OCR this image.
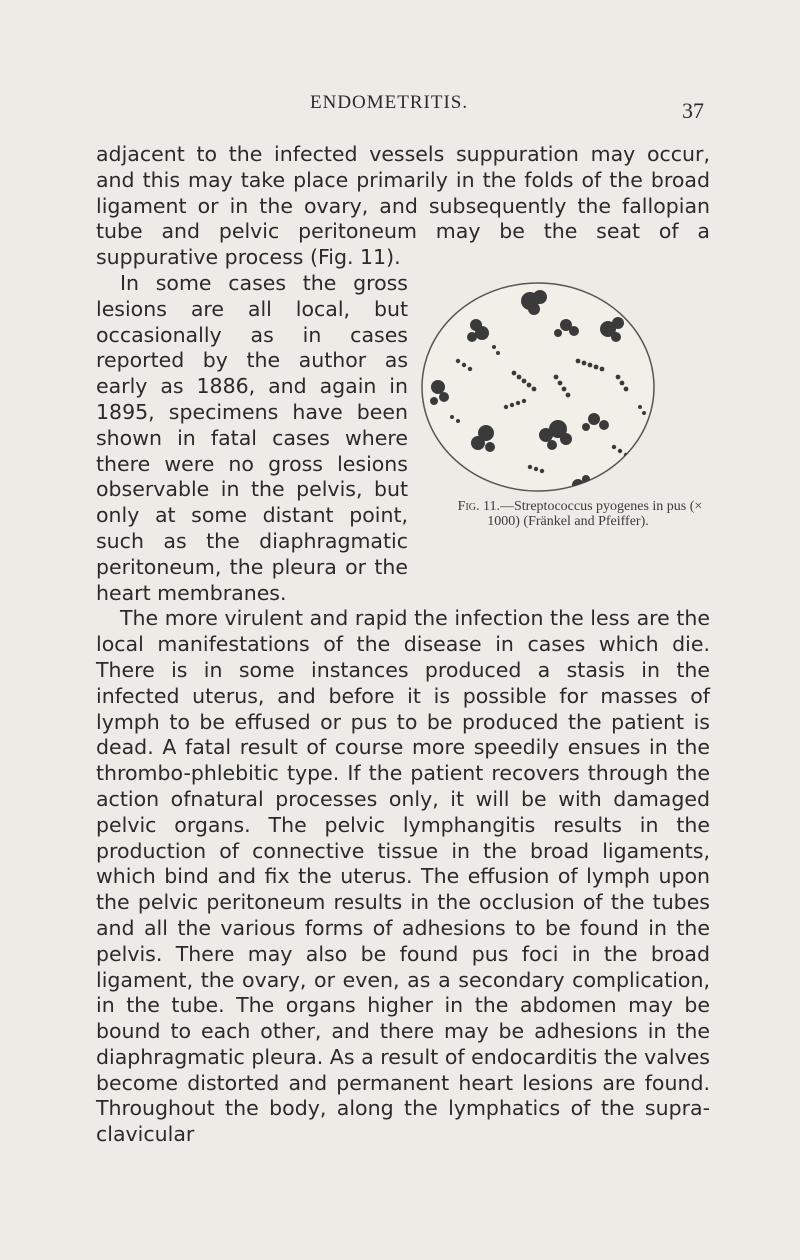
ENDOMETRITIS.	37

adjacent to the infected vessels suppuration may occur, and this may take place primarily in the folds of the broad ligament or in the ovary, and subsequently the fallopian tube and pelvic peritoneum may be the seat of a suppurative process (Fig. 11).

Fig. 11.—Streptococcus pyogenes in pus (× 1000) (Fränkel and Pfeiffer).
In some cases the gross lesions are all local, but occasionally as in cases reported by the author as early as 1886, and again in 1895, specimens have been shown in fatal cases where there were no gross lesions observable in the pelvis, but only at some distant point, such as the diaphragmatic peritoneum, the pleura or the heart membranes.

The more virulent and rapid the infection the less are the local manifestations of the disease in cases which die. There is in some instances produced a stasis in the infected uterus, and before it is possible for masses of lymph to be effused or pus to be produced the patient is dead. A fatal result of course more speedily ensues in the thrombo-phlebitic type. If the patient recovers through the action ofnatural processes only, it will be with damaged pelvic organs. The pelvic lymphangitis results in the production of connective tissue in the broad ligaments, which bind and fix the uterus. The effusion of lymph upon the pelvic peritoneum results in the occlusion of the tubes and all the various forms of adhesions to be found in the pelvis. There may also be found pus foci in the broad ligament, the ovary, or even, as a secondary complication, in the tube. The organs higher in the abdomen may be bound to each other, and there may be adhesions in the diaphragmatic pleura. As a result of endocarditis the valves become distorted and permanent heart lesions are found. Throughout the body, along the lymphatics of the supra-clavicular
